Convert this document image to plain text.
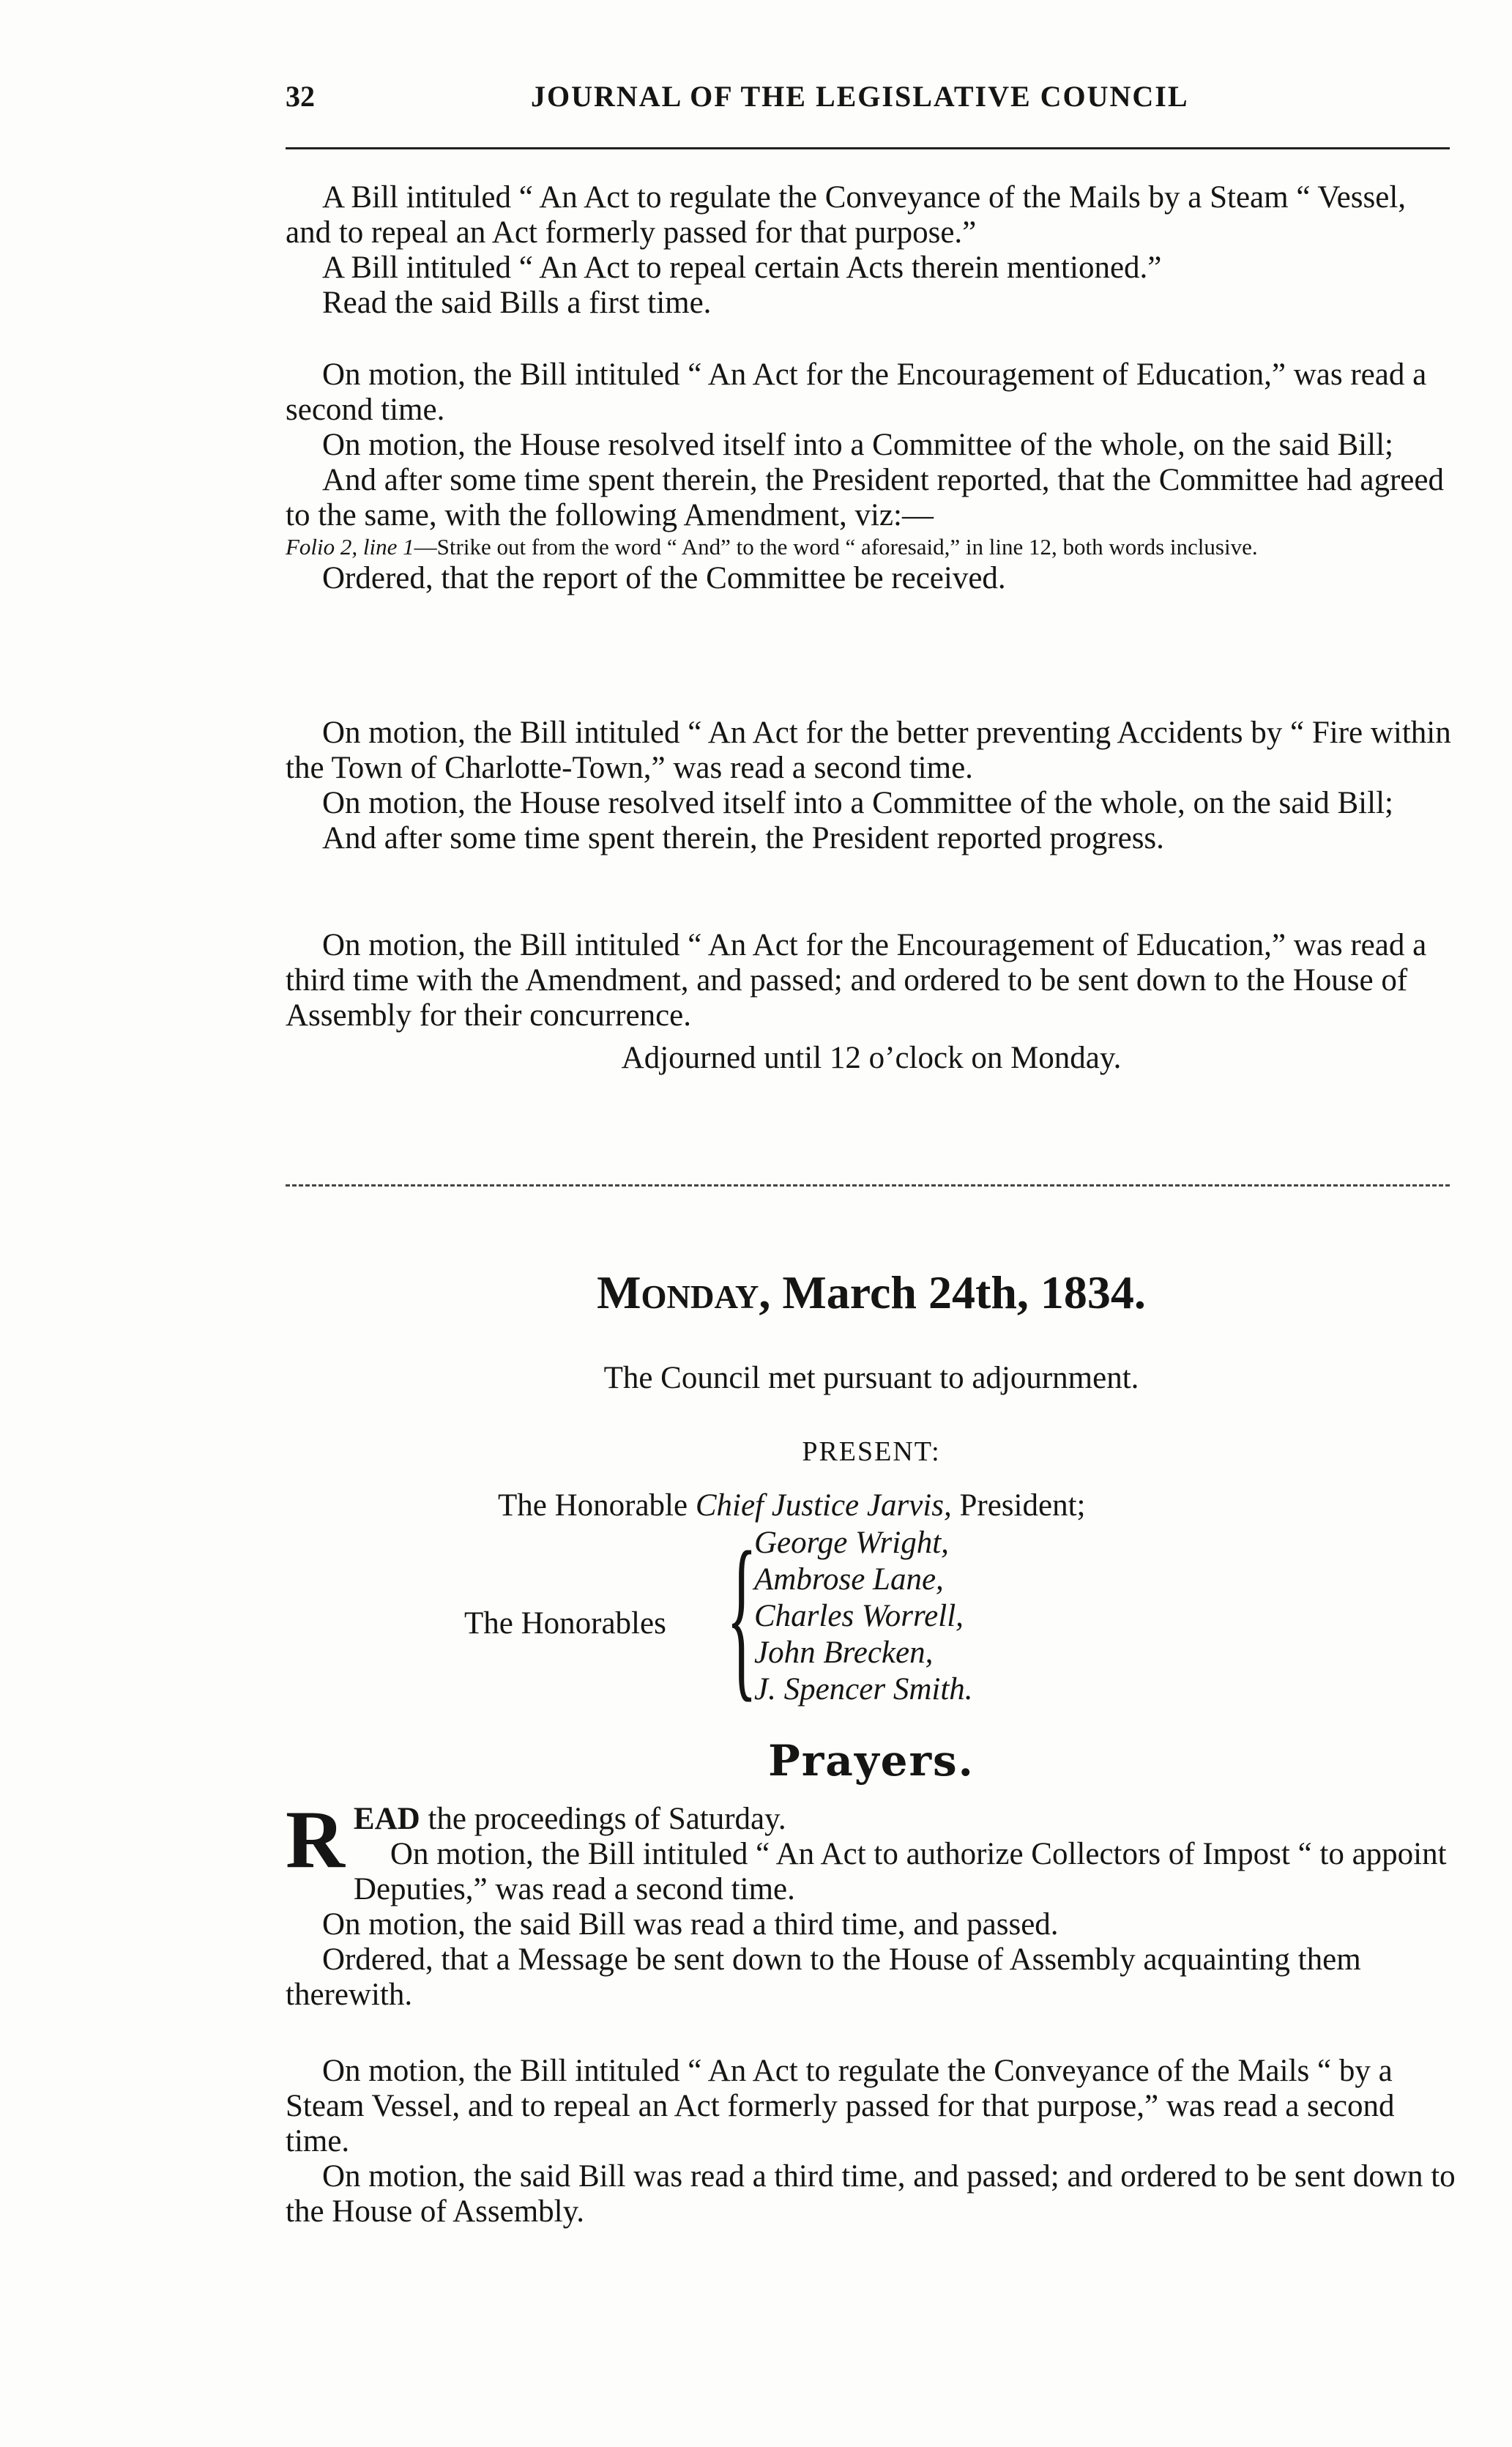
32	JOURNAL OF THE LEGISLATIVE COUNCIL

A Bill intituled “ An Act to regulate the Conveyance of the Mails by a Steam “ Vessel, and to repeal an Act formerly passed for that purpose.”

A Bill intituled “ An Act to repeal certain Acts therein mentioned.”

Read the said Bills a first time.

On motion, the Bill intituled “ An Act for the Encouragement of Education,” was read a second time.

On motion, the House resolved itself into a Committee of the whole, on the said Bill;

And after some time spent therein, the President reported, that the Committee had agreed to the same, with the following Amendment, viz:—

Folio 2, line 1—Strike out from the word “ And” to the word “ aforesaid,” in line 12, both words inclusive.

Ordered, that the report of the Committee be received.

On motion, the Bill intituled “ An Act for the better preventing Accidents by “ Fire within the Town of Charlotte-Town,” was read a second time.

On motion, the House resolved itself into a Committee of the whole, on the said Bill;

And after some time spent therein, the President reported progress.

On motion, the Bill intituled “ An Act for the Encouragement of Education,” was read a third time with the Amendment, and passed; and ordered to be sent down to the House of Assembly for their concurrence.

Adjourned until 12 o’clock on Monday.

Monday, March 24th, 1834.
The Council met pursuant to adjournment.
PRESENT:
The Honorable Chief Justice Jarvis, President;
The Honorables {
George Wright,
Ambrose Lane,
Charles Worrell,
John Brecken,
J. Spencer Smith.
Prayers.

R EAD the proceedings of Saturday.

On motion, the Bill intituled “ An Act to authorize Collectors of Impost “ to appoint Deputies,” was read a second time.

On motion, the said Bill was read a third time, and passed.

Ordered, that a Message be sent down to the House of Assembly acquainting them therewith.

On motion, the Bill intituled “ An Act to regulate the Conveyance of the Mails “ by a Steam Vessel, and to repeal an Act formerly passed for that purpose,” was read a second time.

On motion, the said Bill was read a third time, and passed; and ordered to be sent down to the House of Assembly.
